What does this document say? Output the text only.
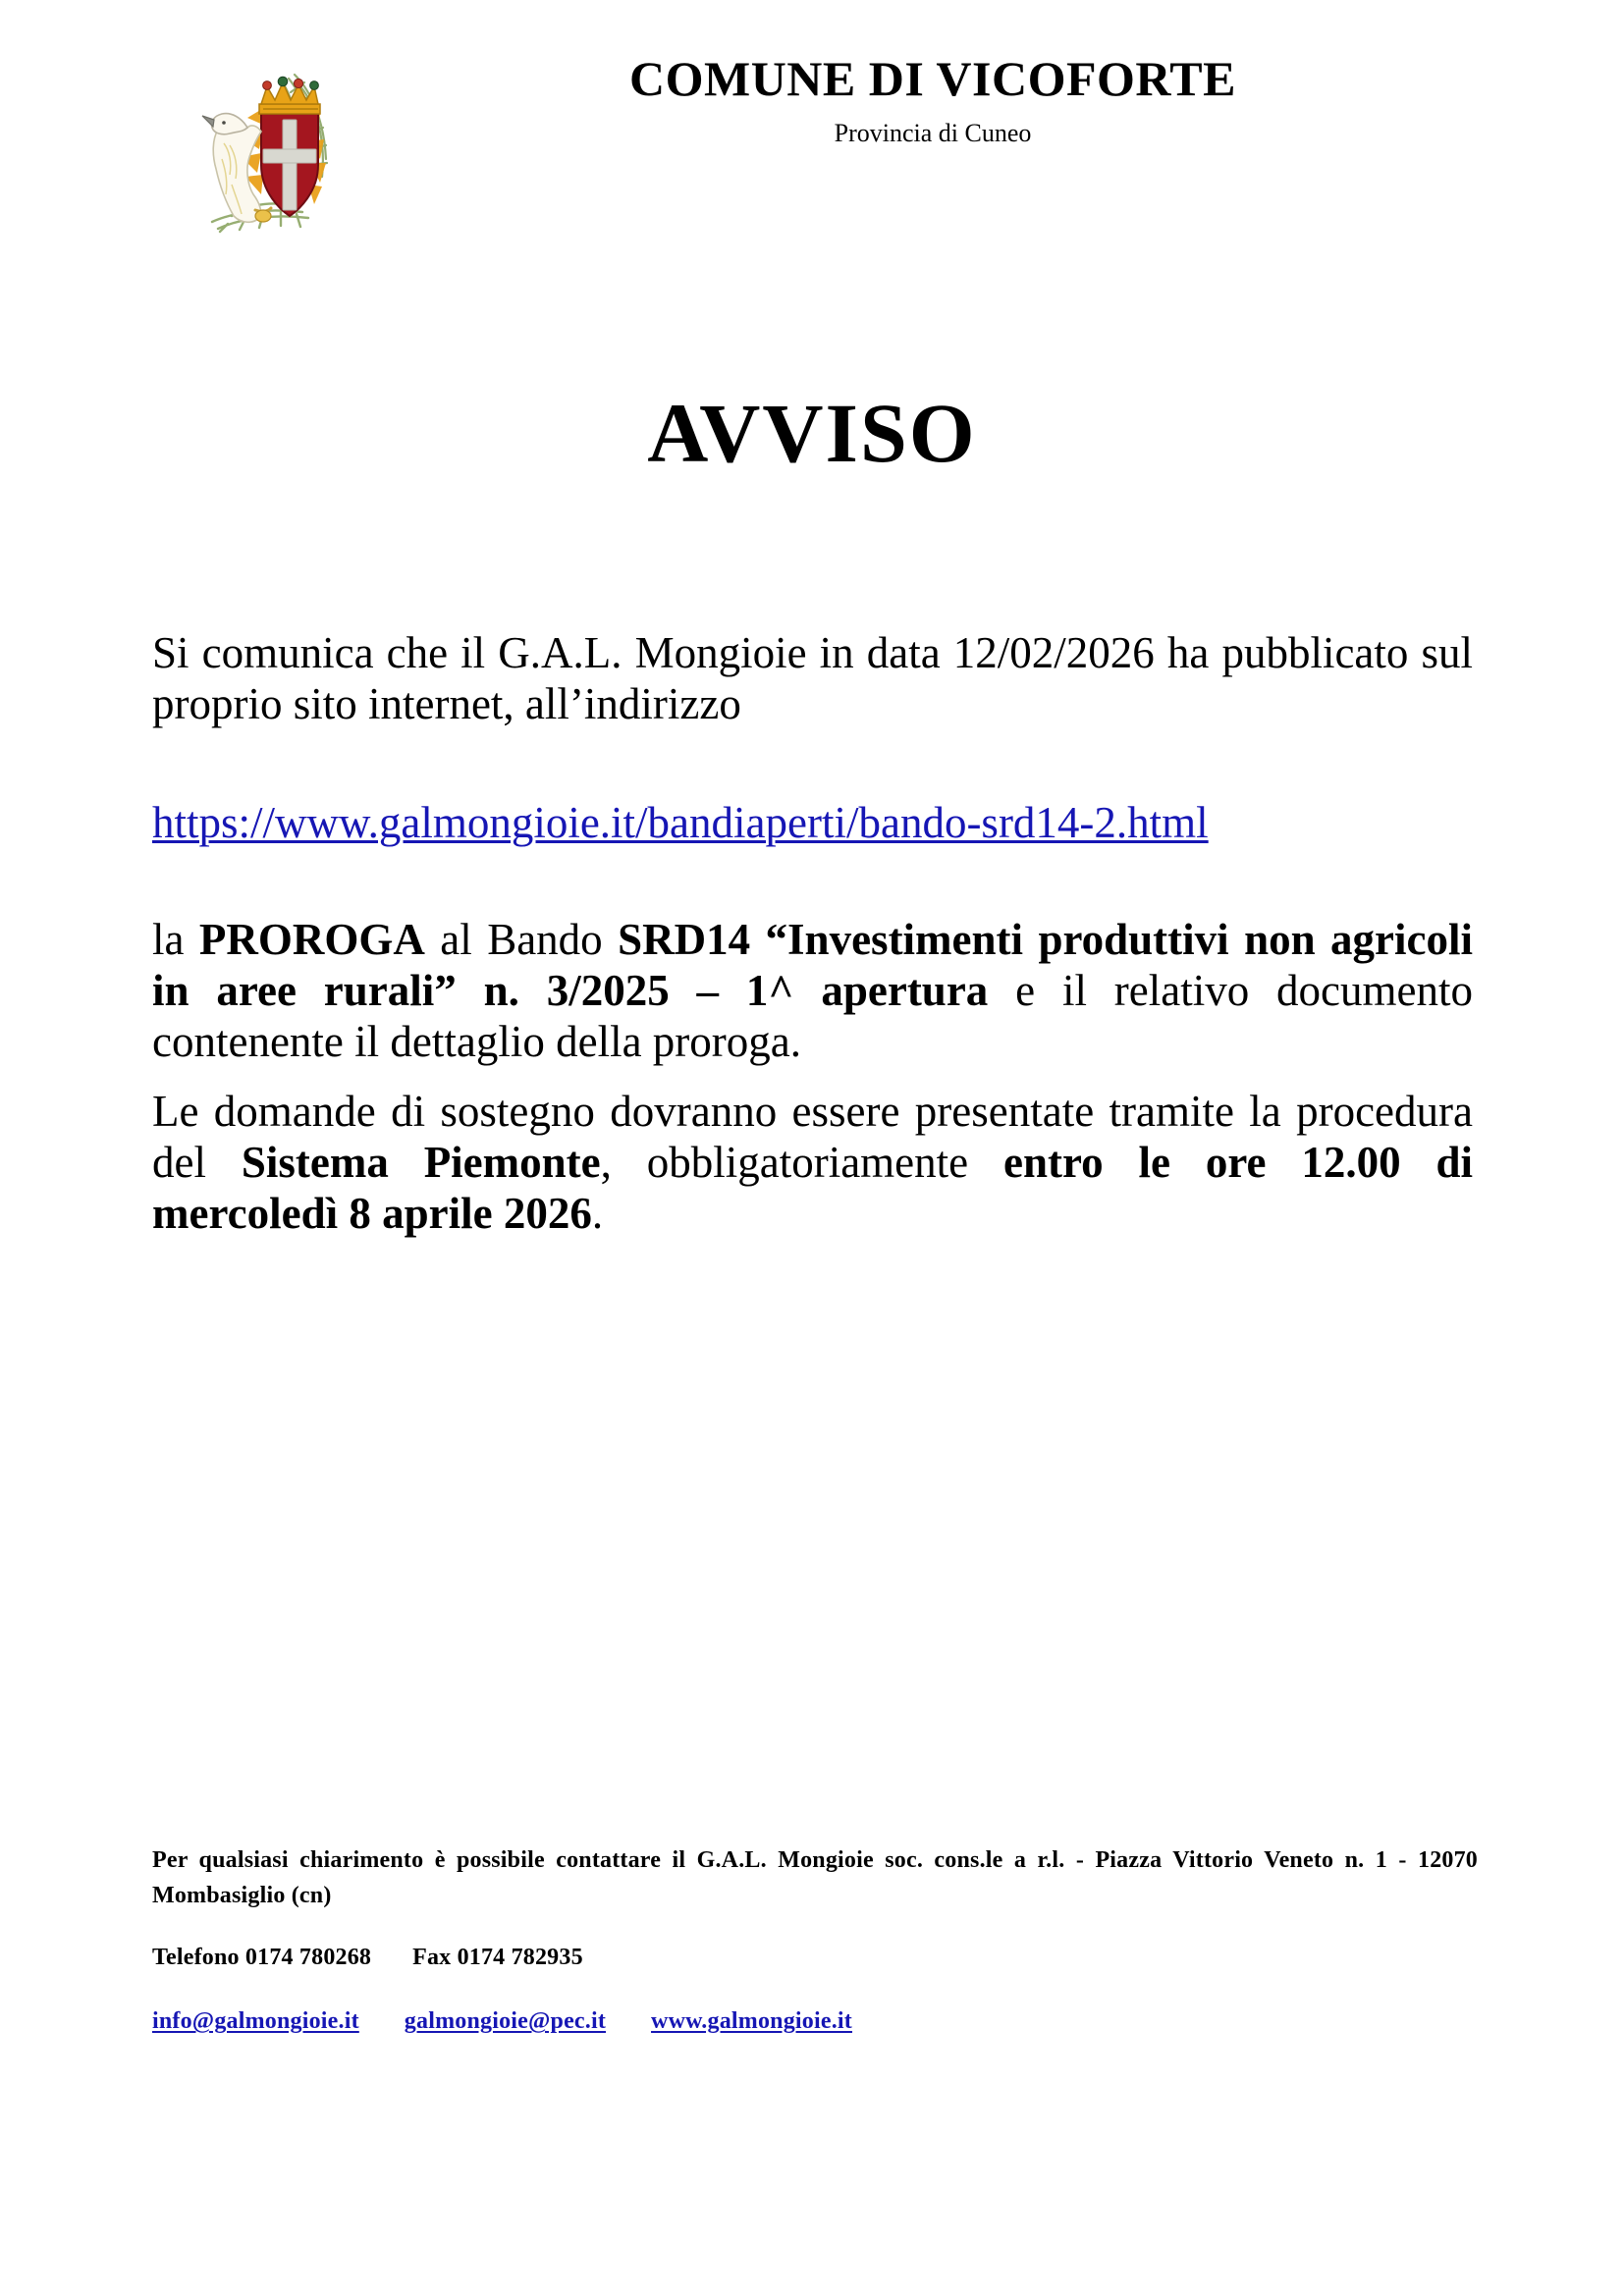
COMUNE DI VICOFORTE
Provincia di Cuneo
AVVISO

Si comunica che il G.A.L. Mongioie in data 12/02/2026 ha pubblicato sul proprio sito internet, all’indirizzo

https://www.galmongioie.it/bandiaperti/bando-srd14-2.html

la PROROGA al Bando SRD14 “Investimenti produttivi non agricoli in aree rurali” n. 3/2025 – 1^ apertura e il relativo documento contenente il dettaglio della proroga.

Le domande di sostegno dovranno essere presentate tramite la procedura del Sistema Piemonte, obbligatoriamente entro le ore 12.00 di mercoledì 8 aprile 2026.

Per qualsiasi chiarimento è possibile contattare il G.A.L. Mongioie soc. cons.le a r.l. - Piazza Vittorio Veneto n. 1 - 12070 Mombasiglio (cn)

Telefono 0174 780268 Fax 0174 782935
info@galmongioie.it galmongioie@pec.it www.galmongioie.it
